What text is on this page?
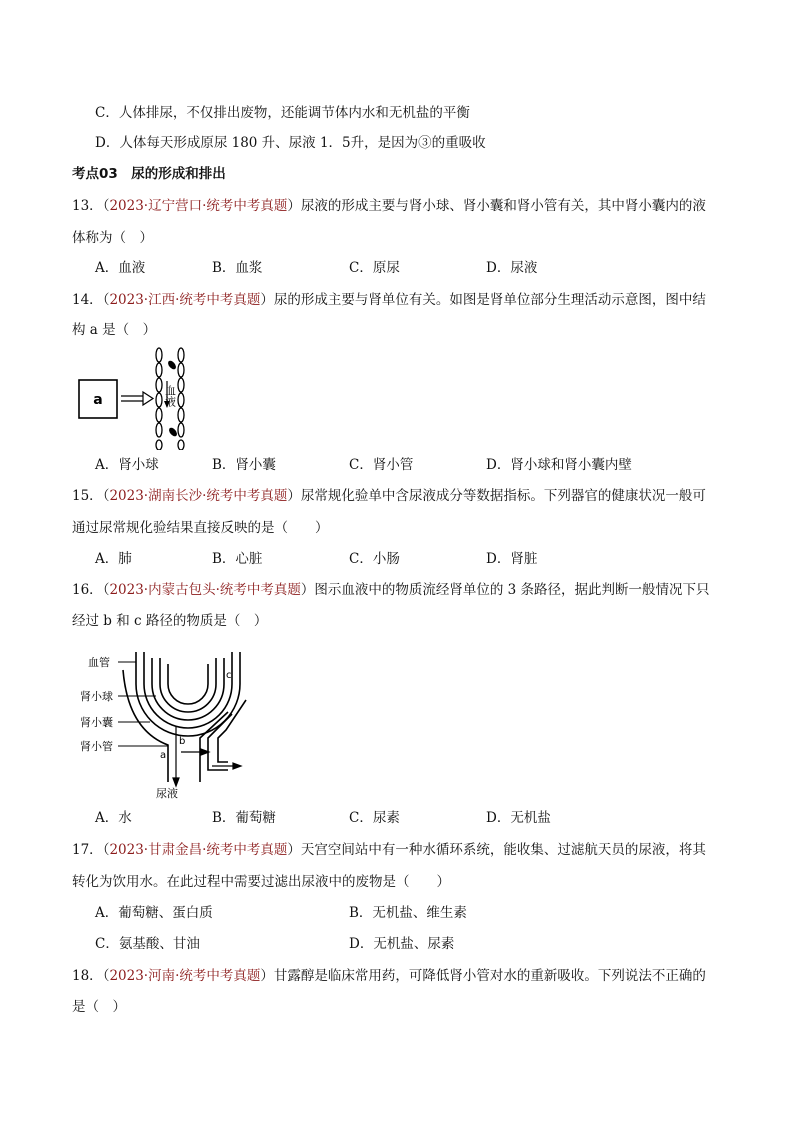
C．人体排尿，不仅排出废物，还能调节体内水和无机盐的平衡
D．人体每天形成原尿 180 升、尿液 1．5升，是因为③的重吸收
考点03　尿的形成和排出
13．（2023·辽宁营口·统考中考真题）尿液的形成主要与肾小球、肾小囊和肾小管有关，其中肾小囊内的液
体称为（　）
A．血液	B．血浆	C．原尿	D．尿液
14．（2023·江西·统考中考真题）尿的形成主要与肾单位有关。如图是肾单位部分生理活动示意图，图中结
构 a 是（　）
a	血液
A．肾小球	B．肾小囊	C．肾小管	D．肾小球和肾小囊内壁
15．（2023·湖南长沙·统考中考真题）尿常规化验单中含尿液成分等数据指标。下列器官的健康状况一般可
通过尿常规化验结果直接反映的是（　　）
A．肺	B．心脏	C．小肠	D．肾脏
16．（2023·内蒙古包头·统考中考真题）图示血液中的物质流经肾单位的 3 条路径，据此判断一般情况下只
经过 b 和 c 路径的物质是（　）
血管
肾小球
肾小囊
肾小管
a
b
c
尿液
A．水	B．葡萄糖	C．尿素	D．无机盐
17．（2023·甘肃金昌·统考中考真题）天宫空间站中有一种水循环系统，能收集、过滤航天员的尿液，将其
转化为饮用水。在此过程中需要过滤出尿液中的废物是（　　）
A．葡萄糖、蛋白质	B．无机盐、维生素
C．氨基酸、甘油	D．无机盐、尿素
18．（2023·河南·统考中考真题）甘露醇是临床常用药，可降低肾小管对水的重新吸收。下列说法不正确的
是（　）
